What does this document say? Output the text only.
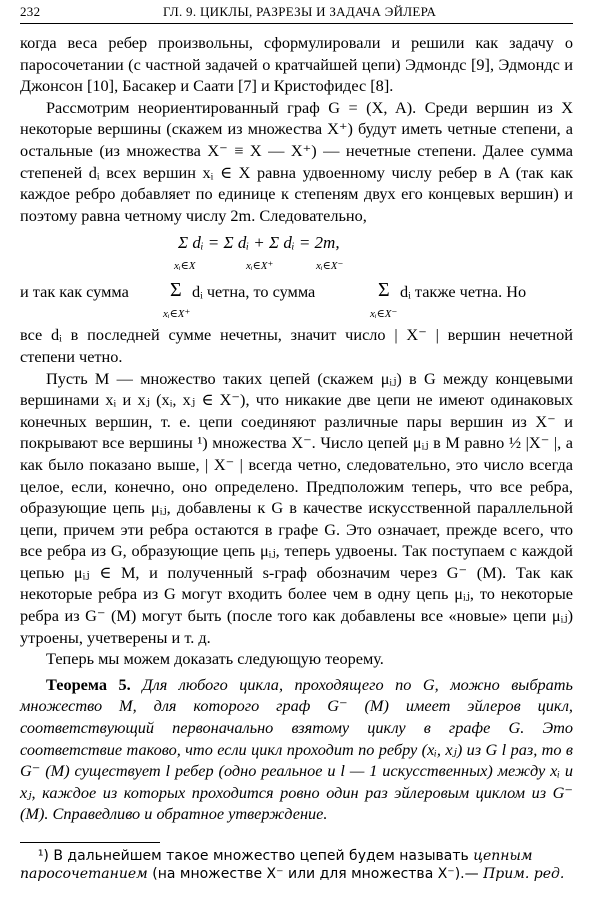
232	ГЛ. 9. ЦИКЛЫ, РАЗРЕЗЫ И ЗАДАЧА ЭЙЛЕРА

когда веса ребер произвольны, сформулировали и решили как задачу о паросочетании (с частной задачей о кратчайшей цепи) Эдмондс [9], Эдмондс и Джонсон [10], Басакер и Саати [7] и Кристофидес [8].

Рассмотрим неориентированный граф G = (X, A). Среди вершин из X некоторые вершины (скажем из множества X⁺) будут иметь четные степени, а остальные (из множества X⁻ ≡ X — X⁺) — нечетные степени. Далее сумма степеней dᵢ всех вершин xᵢ ∈ X равна удвоенному числу ребер в A (так как каждое ребро добавляет по единице к степеням двух его концевых вершин) и поэтому равна четному числу 2m. Следовательно,

Σ dᵢ = Σ dᵢ + Σ dᵢ = 2m,
xᵢ∈X	xᵢ∈X⁺	xᵢ∈X⁻
и так как сумма Σ dᵢ четна, то сумма	Σ dᵢ также четна. Но
xᵢ∈X⁺	xᵢ∈X⁻

все dᵢ в последней сумме нечетны, значит число | X⁻ | вершин нечетной степени четно.

Пусть M — множество таких цепей (скажем μᵢⱼ) в G между концевыми вершинами xᵢ и xⱼ (xᵢ, xⱼ ∈ X⁻), что никакие две цепи не имеют одинаковых конечных вершин, т. е. цепи соединяют различные пары вершин из X⁻ и покрывают все вершины ¹) множества X⁻. Число цепей μᵢⱼ в M равно ½ |X⁻ |, а как было показано выше, | X⁻ | всегда четно, следовательно, это число всегда целое, если, конечно, оно определено. Предположим теперь, что все ребра, образующие цепь μᵢⱼ, добавлены к G в качестве искусственной параллельной цепи, причем эти ребра остаются в графе G. Это означает, прежде всего, что все ребра из G, образующие цепь μᵢⱼ, теперь удвоены. Так поступаем с каждой цепью μᵢⱼ ∈ M, и полученный s-граф обозначим через G⁻ (M). Так как некоторые ребра из G могут входить более чем в одну цепь μᵢⱼ, то некоторые ребра из G⁻ (M) могут быть (после того как добавлены все «новые» цепи μᵢⱼ) утроены, учетверены и т. д.

Теперь мы можем доказать следующую теорему.

Теорема 5. Для любого цикла, проходящего по G, можно выбрать множество M, для которого граф G⁻ (M) имеет эйлеров цикл, соответствующий первоначально взятому циклу в графе G. Это соответствие таково, что если цикл проходит по ребру (xᵢ, xⱼ) из G l раз, то в G⁻ (M) существует l ребер (одно реальное и l — 1 искусственных) между xᵢ и xⱼ, каждое из которых проходится ровно один раз эйлеровым циклом из G⁻ (M). Справедливо и обратное утверждение.

¹) В дальнейшем такое множество цепей будем называть цепным паросочетанием (на множестве X⁻ или для множества X⁻).— Прим. ред.
